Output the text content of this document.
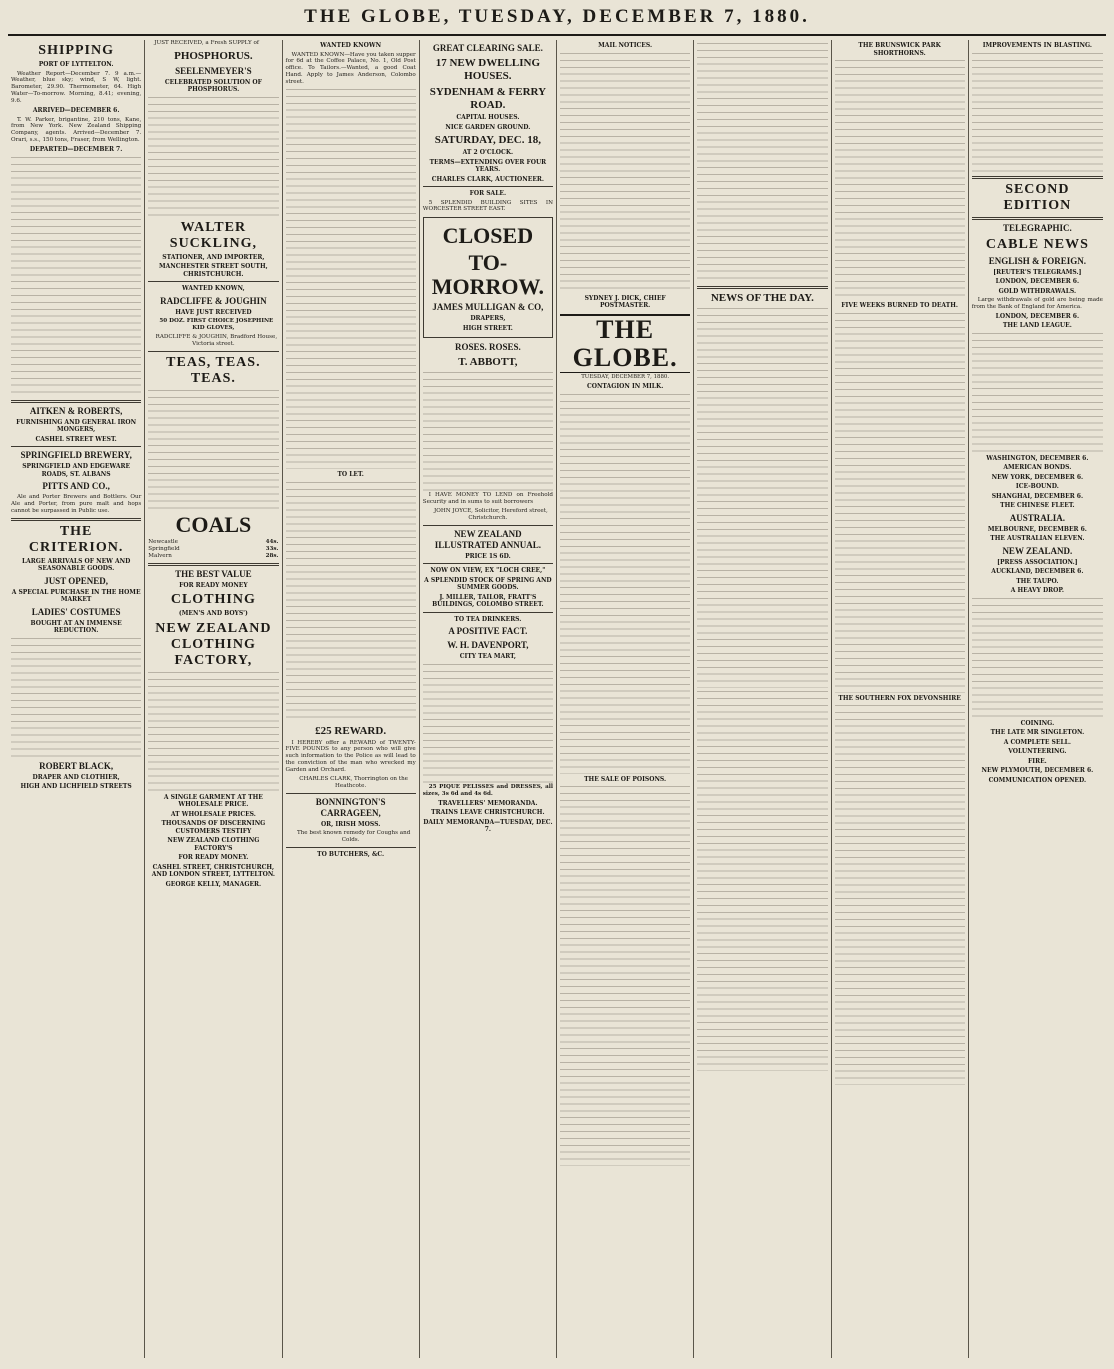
THE GLOBE, TUESDAY, DECEMBER 7, 1880.
SHIPPING
PORT OF LYTTELTON.

Weather Report—December 7. 9 a.m.—Weather, blue sky; wind, S W, light. Barometer, 29.90. Thermometer, 64. High Water—To-morrow. Morning, 8.41; evening, 9.6.

ARRIVED—DECEMBER 6.

T. W. Parker, brigantine, 210 tons, Kane, from New York. New Zealand Shipping Company, agents. Arrived—December 7. Orari, s.s., 150 tons, Fraser, from Wellington.

DEPARTED—DECEMBER 7.
AITKEN & ROBERTS,
FURNISHING AND GENERAL IRON MONGERS,
CASHEL STREET WEST.
SPRINGFIELD BREWERY,
SPRINGFIELD AND EDGEWARE ROADS, ST. ALBANS
PITTS AND CO.,

Ale and Porter Brewers and Bottlers. Our Ale and Porter, from pure malt and hops cannot be surpassed in Public use.

THE CRITERION.
LARGE ARRIVALS OF NEW AND SEASONABLE GOODS.
JUST OPENED,
A SPECIAL PURCHASE IN THE HOME MARKET
LADIES' COSTUMES
BOUGHT AT AN IMMENSE REDUCTION.
ROBERT BLACK,
DRAPER AND CLOTHIER,
HIGH AND LICHFIELD STREETS

JUST RECEIVED, a Fresh SUPPLY of

PHOSPHORUS.
SEELENMEYER'S
CELEBRATED SOLUTION OF PHOSPHORUS.
WALTER SUCKLING,
STATIONER, AND IMPORTER,
MANCHESTER STREET SOUTH, CHRISTCHURCH.
WANTED KNOWN,
RADCLIFFE & JOUGHIN
HAVE JUST RECEIVED

50 DOZ. FIRST CHOICE JOSEPHINE KID GLOVES,

RADCLIFFE & JOUGHIN, Bradford House, Victoria street.

TEAS, TEAS. TEAS.
COALS
Newcastle	44s.
Springfield	33s.
Malvern	28s.
THE BEST VALUE
FOR READY MONEY
CLOTHING
(MEN'S AND BOYS')
NEW ZEALAND CLOTHING FACTORY,
A SINGLE GARMENT AT THE WHOLESALE PRICE.
AT WHOLESALE PRICES.
THOUSANDS OF DISCERNING CUSTOMERS TESTIFY
NEW ZEALAND CLOTHING FACTORY'S
FOR READY MONEY.
CASHEL STREET, CHRISTCHURCH, AND LONDON STREET, LYTTELTON.
GEORGE KELLY, MANAGER.
WANTED KNOWN

WANTED KNOWN—Have you taken supper for 6d at the Coffee Palace, No. 1, Old Post office. To Tailors.—Wanted, a good Coat Hand. Apply to James Anderson, Colombo street.

TO LET.
£25 REWARD.

I HEREBY offer a REWARD of TWENTY-FIVE POUNDS to any person who will give such information to the Police as will lead to the conviction of the man who wrecked my Garden and Orchard.

CHARLES CLARK, Thorrington on the Heathcote.

BONNINGTON'S CARRAGEEN,
OR, IRISH MOSS.

The best known remedy for Coughs and Colds.

TO BUTCHERS, &C.
GREAT CLEARING SALE.
17 NEW DWELLING HOUSES.
SYDENHAM & FERRY ROAD.
CAPITAL HOUSES.
NICE GARDEN GROUND.
SATURDAY, DEC. 18,
AT 2 O'CLOCK.
TERMS—EXTENDING OVER FOUR YEARS.
CHARLES CLARK, AUCTIONEER.
FOR SALE.

5 SPLENDID BUILDING SITES IN WORCESTER STREET EAST.

CLOSED
TO-MORROW.
JAMES MULLIGAN & CO,
DRAPERS,
HIGH STREET.
ROSES. ROSES.
T. ABBOTT,

I HAVE MONEY TO LEND on Freehold Security and in sums to suit borrowers

JOHN JOYCE, Solicitor, Hereford street, Christchurch.

NEW ZEALAND ILLUSTRATED ANNUAL.
PRICE 1S 6D.
NOW ON VIEW, EX "LOCH CREE,"
A SPLENDID STOCK OF SPRING AND SUMMER GOODS.
J. MILLER, TAILOR, FRATT'S BUILDINGS, COLOMBO STREET.
TO TEA DRINKERS.
A POSITIVE FACT.
W. H. DAVENPORT,
CITY TEA MART,

25 PIQUE PELISSES and DRESSES, all sizes, 3s 6d and 4s 6d.

TRAVELLERS' MEMORANDA.
TRAINS LEAVE CHRISTCHURCH.
DAILY MEMORANDA—TUESDAY, DEC. 7.
MAIL NOTICES.
SYDNEY J. DICK, CHIEF POSTMASTER.
THE GLOBE.
TUESDAY, DECEMBER 7, 1880.
CONTAGION IN MILK.
THE SALE OF POISONS.
NEWS OF THE DAY.
THE BRUNSWICK PARK SHORTHORNS.
FIVE WEEKS BURNED TO DEATH.
THE SOUTHERN FOX DEVONSHIRE
IMPROVEMENTS IN BLASTING.
SECOND EDITION
TELEGRAPHIC.
CABLE NEWS
ENGLISH & FOREIGN.
[REUTER'S TELEGRAMS.]
LONDON, DECEMBER 6.
GOLD WITHDRAWALS.

Large withdrawals of gold are being made from the Bank of England for America.

LONDON, DECEMBER 6.
THE LAND LEAGUE.
WASHINGTON, DECEMBER 6.
AMERICAN BONDS.
NEW YORK, DECEMBER 6.
ICE-BOUND.
SHANGHAI, DECEMBER 6.
THE CHINESE FLEET.
AUSTRALIA.
MELBOURNE, DECEMBER 6.
THE AUSTRALIAN ELEVEN.
NEW ZEALAND.
[PRESS ASSOCIATION.]
AUCKLAND, DECEMBER 6.
THE TAUPO.
A HEAVY DROP.
COINING.
THE LATE MR SINGLETON.
A COMPLETE SELL.
VOLUNTEERING.
FIRE.
NEW PLYMOUTH, DECEMBER 6.
COMMUNICATION OPENED.
